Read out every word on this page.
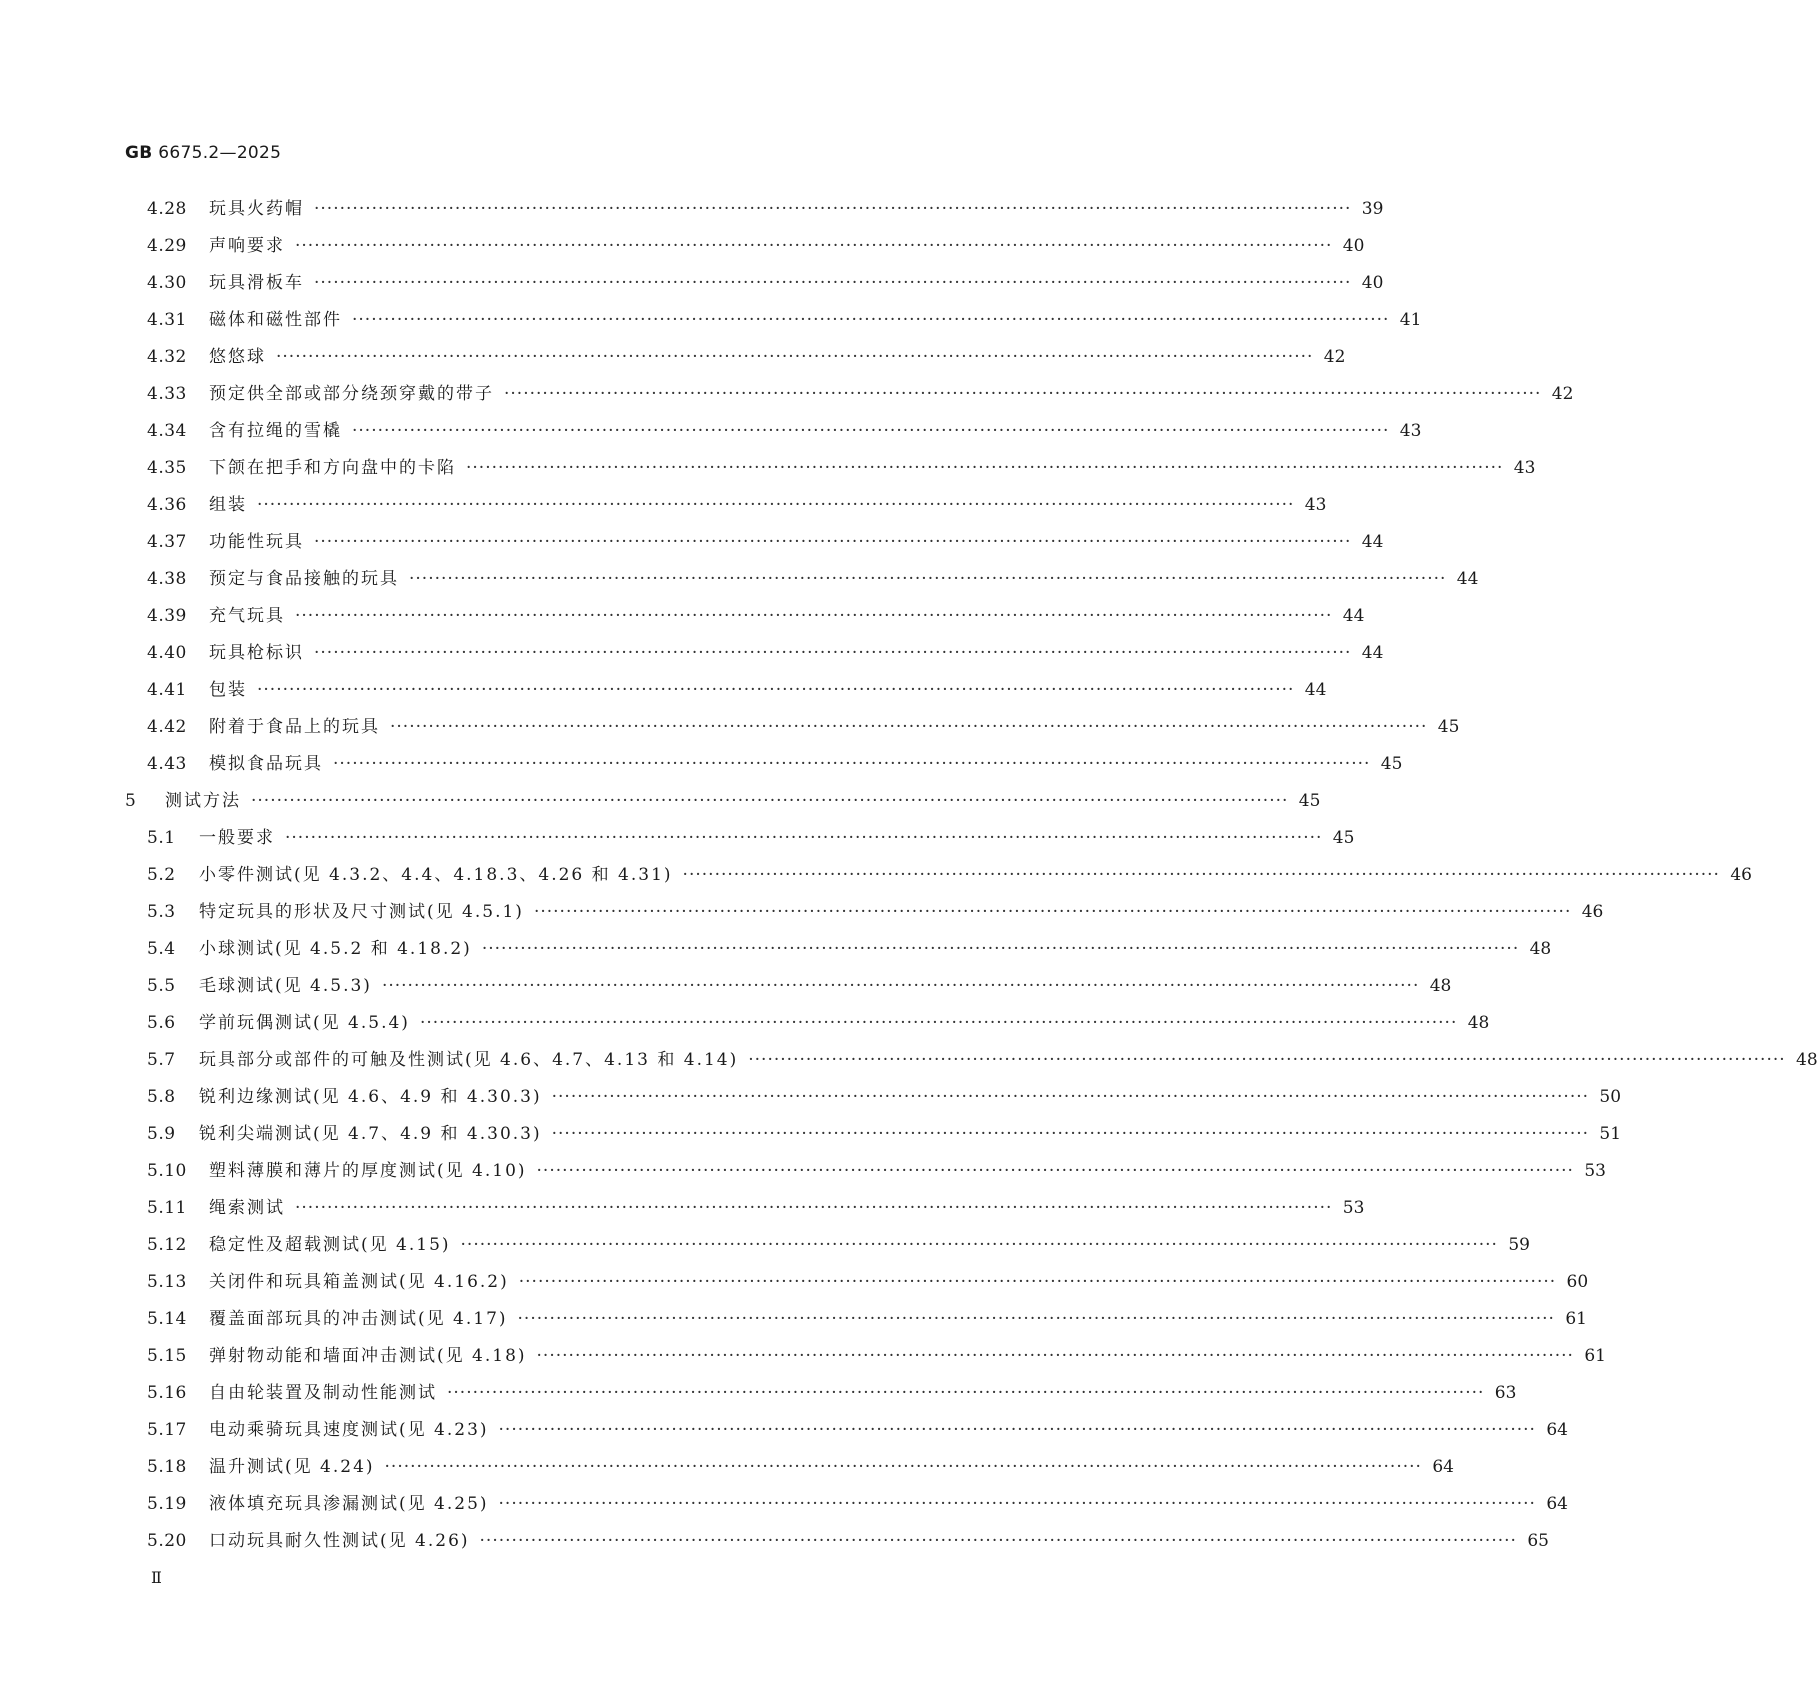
GB 6675.2—2025
4.28	玩具火药帽 ·································································································································································· 39
4.29	声响要求 ·································································································································································· 40
4.30	玩具滑板车 ·································································································································································· 40
4.31	磁体和磁性部件 ·································································································································································· 41
4.32	悠悠球 ·································································································································································· 42
4.33	预定供全部或部分绕颈穿戴的带子 ·································································································································································· 42
4.34	含有拉绳的雪橇 ·································································································································································· 43
4.35	下颌在把手和方向盘中的卡陷 ·································································································································································· 43
4.36	组装 ·································································································································································· 43
4.37	功能性玩具 ·································································································································································· 44
4.38	预定与食品接触的玩具 ·································································································································································· 44
4.39	充气玩具 ·································································································································································· 44
4.40	玩具枪标识 ·································································································································································· 44
4.41	包装 ·································································································································································· 44
4.42	附着于食品上的玩具 ·································································································································································· 45
4.43	模拟食品玩具 ·································································································································································· 45
5	测试方法 ·································································································································································· 45
5.1	一般要求 ·································································································································································· 45
5.2	小零件测试(见 4.3.2、4.4、4.18.3、4.26 和 4.31) ·································································································································································· 46
5.3	特定玩具的形状及尺寸测试(见 4.5.1) ·································································································································································· 46
5.4	小球测试(见 4.5.2 和 4.18.2) ·································································································································································· 48
5.5	毛球测试(见 4.5.3) ·································································································································································· 48
5.6	学前玩偶测试(见 4.5.4) ·································································································································································· 48
5.7	玩具部分或部件的可触及性测试(见 4.6、4.7、4.13 和 4.14) ·································································································································································· 48
5.8	锐利边缘测试(见 4.6、4.9 和 4.30.3) ·································································································································································· 50
5.9	锐利尖端测试(见 4.7、4.9 和 4.30.3) ·································································································································································· 51
5.10	塑料薄膜和薄片的厚度测试(见 4.10) ·································································································································································· 53
5.11	绳索测试 ·································································································································································· 53
5.12	稳定性及超载测试(见 4.15) ·································································································································································· 59
5.13	关闭件和玩具箱盖测试(见 4.16.2) ·································································································································································· 60
5.14	覆盖面部玩具的冲击测试(见 4.17) ·································································································································································· 61
5.15	弹射物动能和墙面冲击测试(见 4.18) ·································································································································································· 61
5.16	自由轮装置及制动性能测试 ·································································································································································· 63
5.17	电动乘骑玩具速度测试(见 4.23) ·································································································································································· 64
5.18	温升测试(见 4.24) ·································································································································································· 64
5.19	液体填充玩具渗漏测试(见 4.25) ·································································································································································· 64
5.20	口动玩具耐久性测试(见 4.26) ·································································································································································· 65
Ⅱ
